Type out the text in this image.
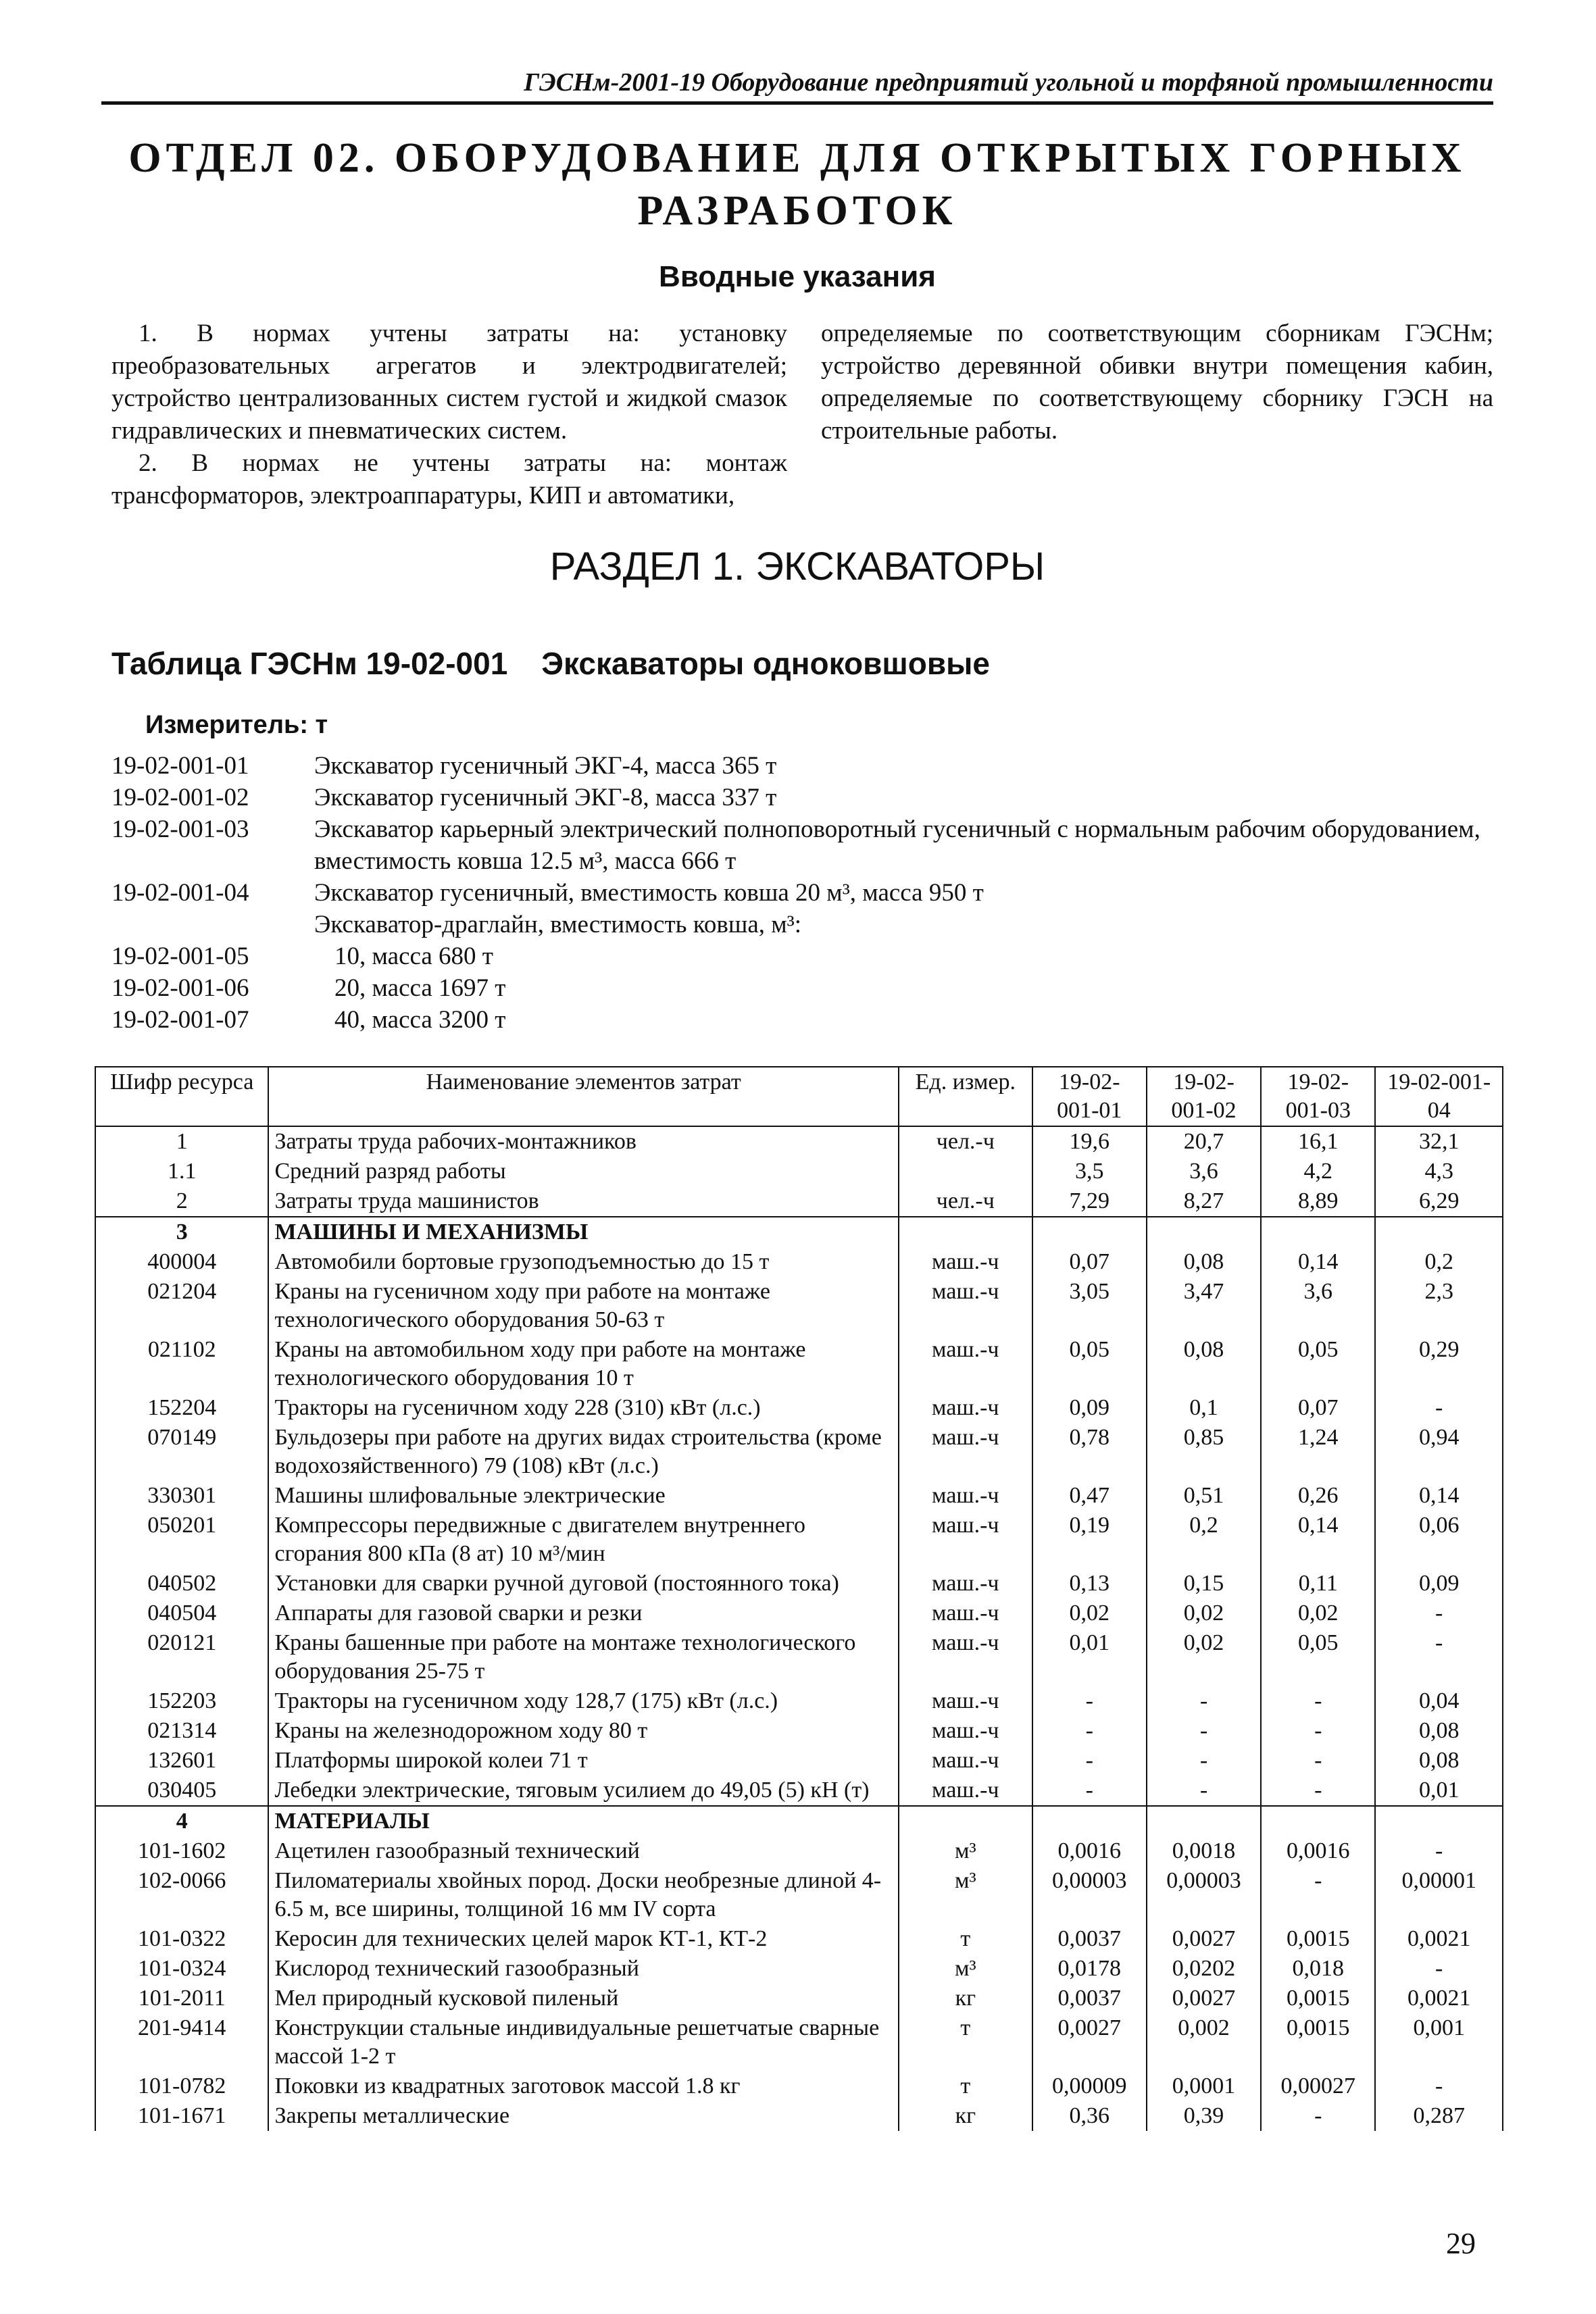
ГЭСНм-2001-19 Оборудование предприятий угольной и торфяной промышленности
ОТДЕЛ 02. ОБОРУДОВАНИЕ ДЛЯ ОТКРЫТЫХ ГОРНЫХ РАЗРАБОТОК
Вводные указания

1. В нормах учтены затраты на: установку преобразовательных агрегатов и электродвигателей; устройство централизованных систем густой и жидкой смазок гидравлических и пневматических систем.

2. В нормах не учтены затраты на: монтаж трансформаторов, электроаппаратуры, КИП и автоматики,

определяемые по соответствующим сборникам ГЭСНм; устройство деревянной обивки внутри помещения кабин, определяемые по соответствующему сборнику ГЭСН на строительные работы.

РАЗДЕЛ 1. ЭКСКАВАТОРЫ
Таблица ГЭСНм 19-02-001 Экскаваторы одноковшовые
Измеритель: т
19-02-001-01	Экскаватор гусеничный ЭКГ-4, масса 365 т
19-02-001-02	Экскаватор гусеничный ЭКГ-8, масса 337 т
19-02-001-03	Экскаватор карьерный электрический полноповоротный гусеничный с нормальным рабочим оборудованием, вместимость ковша 12.5 м³, масса 666 т
19-02-001-04	Экскаватор гусеничный, вместимость ковша 20 м³, масса 950 т
Экскаватор-драглайн, вместимость ковша, м³:
19-02-001-05	10, масса 680 т
19-02-001-06	20, масса 1697 т
19-02-001-07	40, масса 3200 т
Шифр ресурса	Наименование элементов затрат	Ед. измер.	19-02-001-01	19-02-001-02	19-02-001-03	19-02-001-04
1	Затраты труда рабочих-монтажников	чел.-ч	19,6	20,7	16,1	32,1
1.1	Средний разряд работы		3,5	3,6	4,2	4,3
2	Затраты труда машинистов	чел.-ч	7,29	8,27	8,89	6,29
3	МАШИНЫ И МЕХАНИЗМЫ					
400004	Автомобили бортовые грузоподъемностью до 15 т	маш.-ч	0,07	0,08	0,14	0,2
021204	Краны на гусеничном ходу при работе на монтаже технологического оборудования 50-63 т	маш.-ч	3,05	3,47	3,6	2,3
021102	Краны на автомобильном ходу при работе на монтаже технологического оборудования 10 т	маш.-ч	0,05	0,08	0,05	0,29
152204	Тракторы на гусеничном ходу 228 (310) кВт (л.с.)	маш.-ч	0,09	0,1	0,07	-
070149	Бульдозеры при работе на других видах строительства (кроме водохозяйственного) 79 (108) кВт (л.с.)	маш.-ч	0,78	0,85	1,24	0,94
330301	Машины шлифовальные электрические	маш.-ч	0,47	0,51	0,26	0,14
050201	Компрессоры передвижные с двигателем внутреннего сгорания 800 кПа (8 ат) 10 м³/мин	маш.-ч	0,19	0,2	0,14	0,06
040502	Установки для сварки ручной дуговой (постоянного тока)	маш.-ч	0,13	0,15	0,11	0,09
040504	Аппараты для газовой сварки и резки	маш.-ч	0,02	0,02	0,02	-
020121	Краны башенные при работе на монтаже технологического оборудования 25-75 т	маш.-ч	0,01	0,02	0,05	-
152203	Тракторы на гусеничном ходу 128,7 (175) кВт (л.с.)	маш.-ч	-	-	-	0,04
021314	Краны на железнодорожном ходу 80 т	маш.-ч	-	-	-	0,08
132601	Платформы широкой колеи 71 т	маш.-ч	-	-	-	0,08
030405	Лебедки электрические, тяговым усилием до 49,05 (5) кН (т)	маш.-ч	-	-	-	0,01
4	МАТЕРИАЛЫ					
101-1602	Ацетилен газообразный технический	м³	0,0016	0,0018	0,0016	-
102-0066	Пиломатериалы хвойных пород. Доски необрезные длиной 4-6.5 м, все ширины, толщиной 16 мм IV сорта	м³	0,00003	0,00003	-	0,00001
101-0322	Керосин для технических целей марок КТ-1, КТ-2	т	0,0037	0,0027	0,0015	0,0021
101-0324	Кислород технический газообразный	м³	0,0178	0,0202	0,018	-
101-2011	Мел природный кусковой пиленый	кг	0,0037	0,0027	0,0015	0,0021
201-9414	Конструкции стальные индивидуальные решетчатые сварные массой 1-2 т	т	0,0027	0,002	0,0015	0,001
101-0782	Поковки из квадратных заготовок массой 1.8 кг	т	0,00009	0,0001	0,00027	-
101-1671	Закрепы металлические	кг	0,36	0,39	-	0,287
29
